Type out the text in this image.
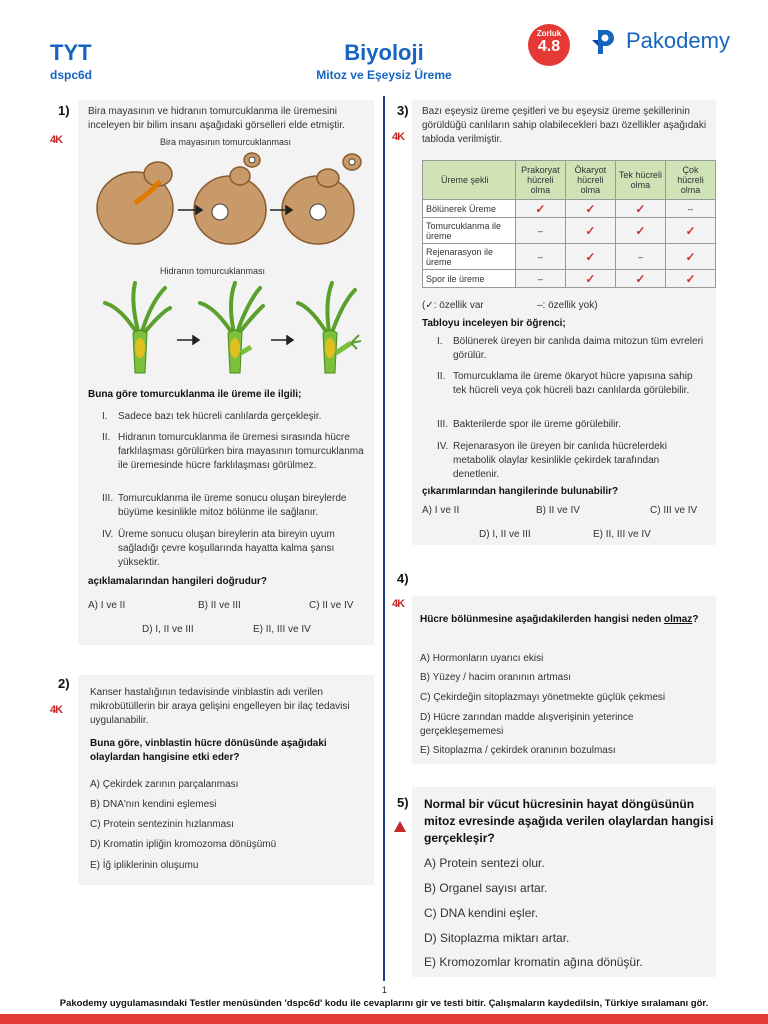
TYT
dspc6d
Biyoloji
Mitoz ve Eşeysiz Üreme
Zorluk
4.8	Pakodemy
1)
4K
Bira mayasının ve hidranın tomurcuklanma ile üremesini inceleyen bir bilim insanı aşağıdaki görselleri elde etmiştir.
Bira mayasının tomurcuklanması
Hidranın tomurcuklanması
Buna göre tomurcuklanma ile üreme ile ilgili;
I. Sadece bazı tek hücreli canlılarda gerçekleşir.
II. Hidranın tomurcuklanma ile üremesi sırasında hücre farklılaşması görülürken bira mayasının tomurcuklanma ile üremesinde hücre farklılaşması görülmez.
III. Tomurcuklanma ile üreme sonucu oluşan bireylerde büyüme kesinlikle mitoz bölünme ile sağlanır.
IV. Üreme sonucu oluşan bireylerin ata bireyin uyum sağladığı çevre koşullarında hayatta kalma şansı yüksektir.
açıklamalarından hangileri doğrudur?
A) I ve II	B) II ve III	C) II ve IV
D) I, II ve III	E) II, III ve IV
2)
4K
Kanser hastalığının tedavisinde vinblastin adı verilen mikrobütüllerin bir araya gelişini engelleyen bir ilaç tedavisi uygulanabilir.
Buna göre, vinblastin hücre dönüsünde aşağıdaki olaylardan hangisine etki eder?
A) Çekirdek zarının parçalanması
B) DNA'nın kendini eşlemesi
C) Protein sentezinin hızlanması
D) Kromatin ipliğin kromozoma dönüşümü
E) İğ ipliklerinin oluşumu
3)
4K
Bazı eşeysiz üreme çeşitleri ve bu eşeysiz üreme şekillerinin görüldüğü canlıların sahip olabilecekleri bazı özellikler aşağıdaki tabloda verilmiştir.
Üreme şekli	Prakoryat hücreli olma	Ökaryot hücreli olma	Tek hücreli olma	Çok hücreli olma
Bölünerek Üreme	✓	✓	✓	–
Tomurcuklanma ile üreme	–	✓	✓	✓
Rejenarasyon ile üreme	–	✓	–	✓
Spor ile üreme	–	✓	✓	✓
(✓: özellik var	–: özellik yok)
Tabloyu inceleyen bir öğrenci;
I. Bölünerek üreyen bir canlıda daima mitozun tüm evreleri görülür.
II. Tomurcuklama ile üreme ökaryot hücre yapısına sahip tek hücreli veya çok hücreli bazı canlılarda görülebilir.
III. Bakterilerde spor ile üreme görülebilir.
IV. Rejenarasyon ile üreyen bir canlıda hücrelerdeki metabolik olaylar kesinlikle çekirdek tarafından denetlenir.
çıkarımlarından hangilerinde bulunabilir?
A) I ve II	B) II ve IV	C) III ve IV
D) I, II ve III	E) II, III ve IV
4)
4K
Hücre bölünmesine aşağıdakilerden hangisi neden olmaz?
A) Hormonların uyarıcı ekisi
B) Yüzey / hacim oranının artması
C) Çekirdeğin sitoplazmayı yönetmekte güçlük çekmesi
D) Hücre zarından madde alışverişinin yeterince gerçekleşememesi
E) Sitoplazma / çekirdek oranının bozulması
5) Normal bir vücut hücresinin hayat döngüsünün mitoz evresinde aşağıda verilen olaylardan hangisi gerçekleşir?
A) Protein sentezi olur.
B) Organel sayısı artar.
C) DNA kendini eşler.
D) Sitoplazma miktarı artar.
E) Kromozomlar kromatin ağına dönüşür.
1
Pakodemy uygulamasındaki Testler menüsünden 'dspc6d' kodu ile cevaplarını gir ve testi bitir. Çalışmaların kaydedilsin, Türkiye sıralamanı gör.
